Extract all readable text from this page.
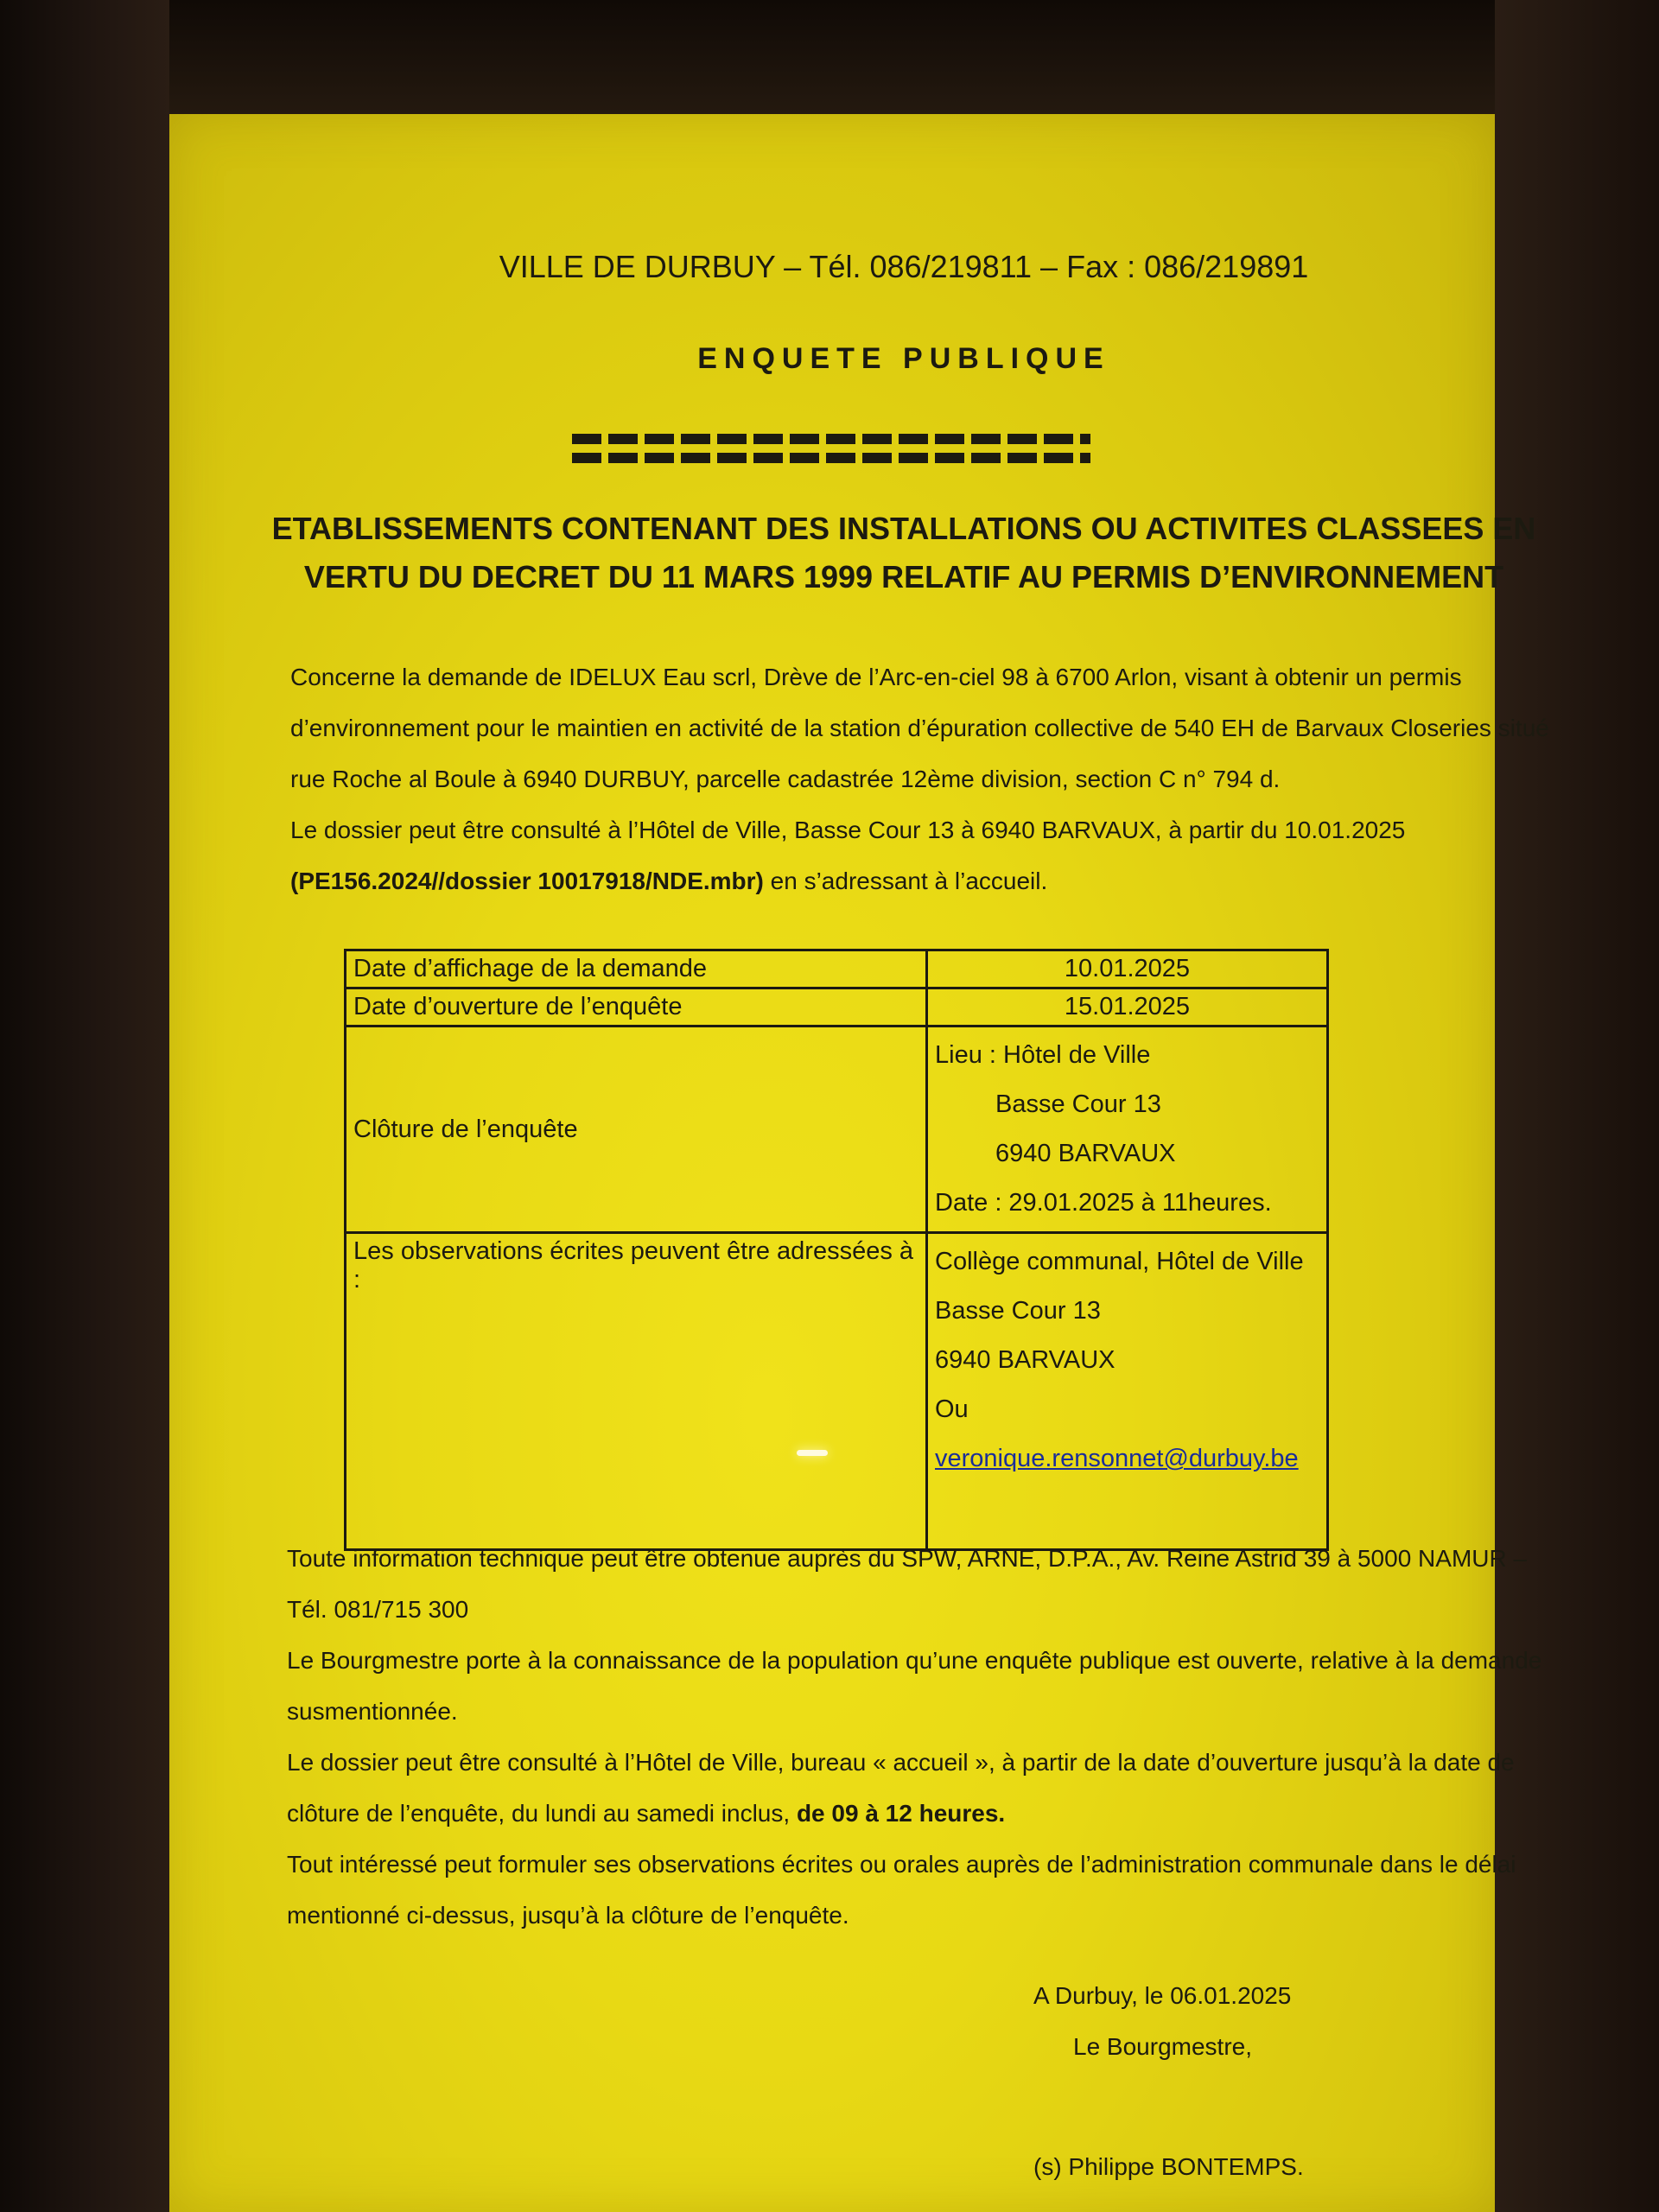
VILLE DE DURBUY – Tél. 086/219811 – Fax : 086/219891
ENQUETE PUBLIQUE
ETABLISSEMENTS CONTENANT DES INSTALLATIONS OU ACTIVITES CLASSEES EN
VERTU DU DECRET DU 11 MARS 1999 RELATIF AU PERMIS D’ENVIRONNEMENT

Concerne la demande de IDELUX Eau scrl, Drève de l’Arc-en-ciel 98 à 6700 Arlon, visant à obtenir un permis d’environnement pour le maintien en activité de la station d’épuration collective de 540 EH de Barvaux Closeries situé rue Roche al Boule à 6940 DURBUY, parcelle cadastrée 12ème division, section C n° 794 d.

Le dossier peut être consulté à l’Hôtel de Ville, Basse Cour 13 à 6940 BARVAUX, à partir du 10.01.2025
(PE156.2024//dossier 10017918/NDE.mbr) en s’adressant à l’accueil.

Date d’affichage de la demande	10.01.2025
Date d’ouverture de l’enquête	15.01.2025
Clôture de l’enquête	Lieu : Hôtel de Ville
Basse Cour 13
6940 BARVAUX
Date : 29.01.2025 à 11heures.

Les observations écrites peuvent être adressées à :	Collège communal, Hôtel de Ville
Basse Cour 13
6940 BARVAUX
Ou
veronique.rensonnet@durbuy.be

Toute information technique peut être obtenue auprès du SPW, ARNE, D.P.A., Av. Reine Astrid 39 à 5000 NAMUR – Tél. 081/715 300

Le Bourgmestre porte à la connaissance de la population qu’une enquête publique est ouverte, relative à la demande susmentionnée.

Le dossier peut être consulté à l’Hôtel de Ville, bureau « accueil », à partir de la date d’ouverture jusqu’à la date de clôture de l’enquête, du lundi au samedi inclus, de 09 à 12 heures.

Tout intéressé peut formuler ses observations écrites ou orales auprès de l’administration communale dans le délai mentionné ci-dessus, jusqu’à la clôture de l’enquête.

A Durbuy, le 06.01.2025
Le Bourgmestre,
(s) Philippe BONTEMPS.
